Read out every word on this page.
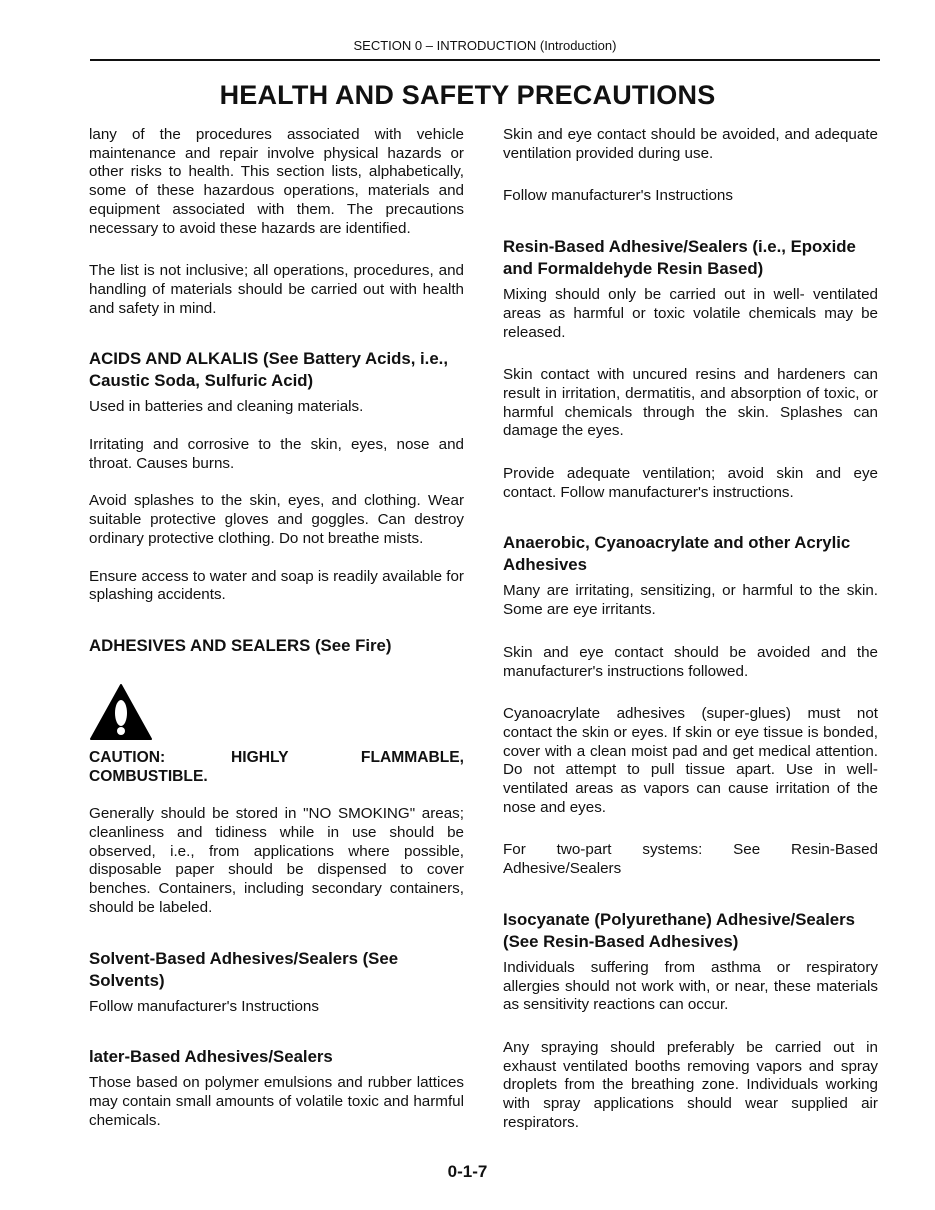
SECTION 0 – INTRODUCTION (Introduction)
HEALTH AND SAFETY PRECAUTIONS

lany of the procedures associated with vehicle maintenance and repair involve physical hazards or other risks to health. This section lists, alphabetically, some of these hazardous operations, materials and equipment associated with them. The precautions necessary to avoid these hazards are identified.

The list is not inclusive; all operations, procedures, and handling of materials should be carried out with health and safety in mind.

ACIDS AND ALKALIS (See Battery Acids, i.e., Caustic Soda, Sulfuric Acid)

Used in batteries and cleaning materials.

Irritating and corrosive to the skin, eyes, nose and throat. Causes burns.

Avoid splashes to the skin, eyes, and clothing. Wear suitable protective gloves and goggles. Can destroy ordinary protective clothing. Do not breathe mists.

Ensure access to water and soap is readily available for splashing accidents.

ADHESIVES AND SEALERS (See Fire)
CAUTION:	HIGHLY	FLAMMABLE,
COMBUSTIBLE.

Generally should be stored in "NO SMOKING" areas; cleanliness and tidiness while in use should be observed, i.e., from applications where possible, disposable paper should be dispensed to cover benches. Containers, including secondary containers, should be labeled.

Solvent-Based Adhesives/Sealers (See Solvents)

Follow manufacturer's Instructions

later-Based Adhesives/Sealers

Those based on polymer emulsions and rubber lattices may contain small amounts of volatile toxic and harmful chemicals.

Skin and eye contact should be avoided, and adequate ventilation provided during use.

Follow manufacturer's Instructions

Resin-Based Adhesive/Sealers (i.e., Epoxide and Formaldehyde Resin Based)

Mixing should only be carried out in well- ventilated areas as harmful or toxic volatile chemicals may be released.

Skin contact with uncured resins and hardeners can result in irritation, dermatitis, and absorption of toxic, or harmful chemicals through the skin. Splashes can damage the eyes.

Provide adequate ventilation; avoid skin and eye contact. Follow manufacturer's instructions.

Anaerobic, Cyanoacrylate and other Acrylic Adhesives

Many are irritating, sensitizing, or harmful to the skin. Some are eye irritants.

Skin and eye contact should be avoided and the manufacturer's instructions followed.

Cyanoacrylate adhesives (super-glues) must not contact the skin or eyes. If skin or eye tissue is bonded, cover with a clean moist pad and get medical attention. Do not attempt to pull tissue apart. Use in well-ventilated areas as vapors can cause irritation of the nose and eyes.

For two-part systems: See Resin-Based Adhesive/Sealers

Isocyanate (Polyurethane) Adhesive/Sealers (See Resin-Based Adhesives)

Individuals suffering from asthma or respiratory allergies should not work with, or near, these materials as sensitivity reactions can occur.

Any spraying should preferably be carried out in exhaust ventilated booths removing vapors and spray droplets from the breathing zone. Individuals working with spray applications should wear supplied air respirators.

0-1-7
